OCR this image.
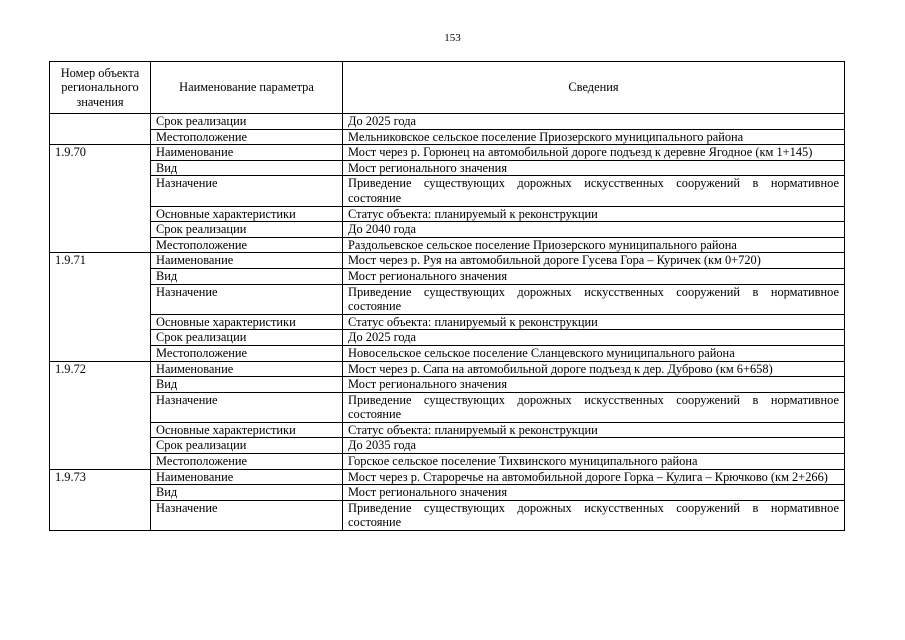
153
Номер объекта регионального значения	Наименование параметра	Сведения
	Срок реализации	До 2025 года
	Местоположение	Мельниковское сельское поселение Приозерского муниципального района
1.9.70	Наименование	Мост через р. Горюнец на автомобильной дороге подъезд к деревне Ягодное (км 1+145)
	Вид	Мост регионального значения
	Назначение	Приведение существующих дорожных искусственных сооружений в нормативное состояние
	Основные характеристики	Статус объекта: планируемый к реконструкции
	Срок реализации	До 2040 года
	Местоположение	Раздольевское сельское поселение Приозерского муниципального района
1.9.71	Наименование	Мост через р. Руя на автомобильной дороге Гусева Гора – Куричек (км 0+720)
	Вид	Мост регионального значения
	Назначение	Приведение существующих дорожных искусственных сооружений в нормативное состояние
	Основные характеристики	Статус объекта: планируемый к реконструкции
	Срок реализации	До 2025 года
	Местоположение	Новосельское сельское поселение Сланцевского муниципального района
1.9.72	Наименование	Мост через р. Сапа на автомобильной дороге подъезд к дер. Дуброво (км 6+658)
	Вид	Мост регионального значения
	Назначение	Приведение существующих дорожных искусственных сооружений в нормативное состояние
	Основные характеристики	Статус объекта: планируемый к реконструкции
	Срок реализации	До 2035 года
	Местоположение	Горское сельское поселение Тихвинского муниципального района
1.9.73	Наименование	Мост через р. Староречье на автомобильной дороге Горка – Кулига – Крючково (км 2+266)
	Вид	Мост регионального значения
	Назначение	Приведение существующих дорожных искусственных сооружений в нормативное состояние
